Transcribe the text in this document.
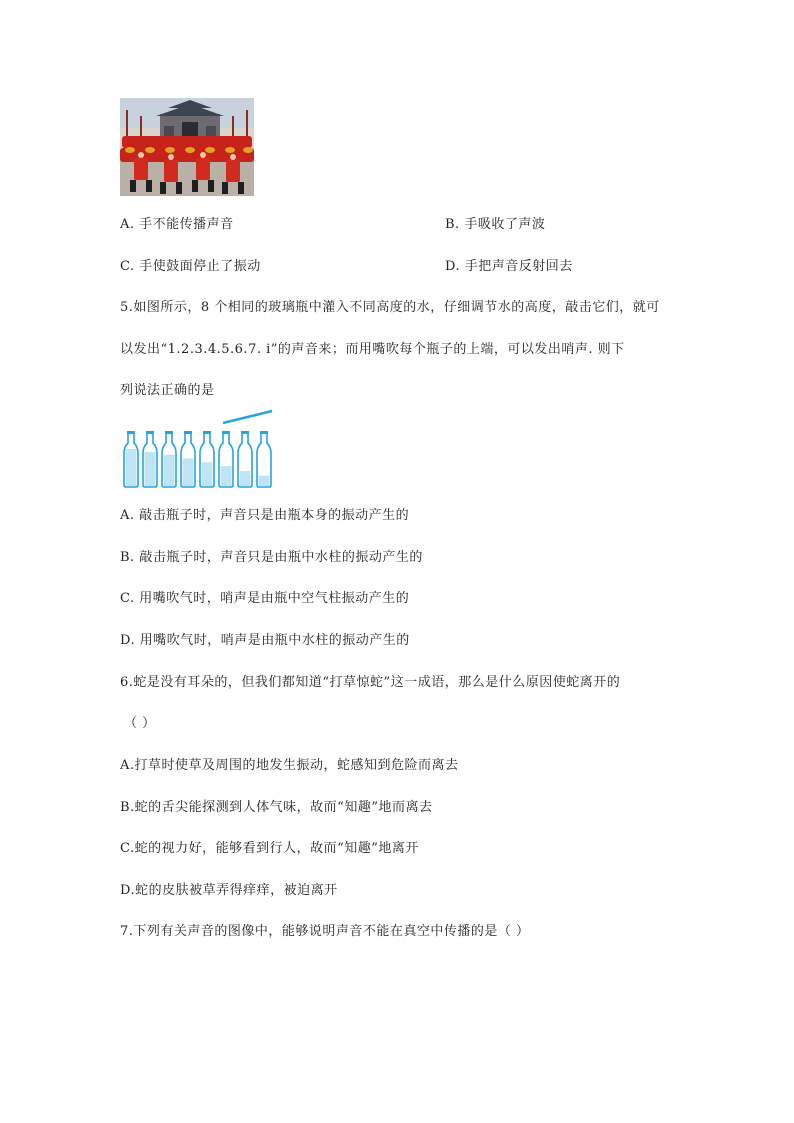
A. 手不能传播声音	B. 手吸收了声波
C. 手使鼓面停止了振动	D. 手把声音反射回去
5.如图所示，8 个相同的玻璃瓶中灌入不同高度的水，仔细调节水的高度，敲击它们，就可
以发出“1.2.3.4.5.6.7. i”的声音来；而用嘴吹每个瓶子的上端，可以发出哨声. 则下
列说法正确的是
A. 敲击瓶子时，声音只是由瓶本身的振动产生的
B. 敲击瓶子时，声音只是由瓶中水柱的振动产生的
C. 用嘴吹气时，哨声是由瓶中空气柱振动产生的
D. 用嘴吹气时，哨声是由瓶中水柱的振动产生的
6.蛇是没有耳朵的，但我们都知道“打草惊蛇”这一成语，那么是什么原因使蛇离开的
（ ）
A.打草时使草及周围的地发生振动，蛇感知到危险而离去
B.蛇的舌尖能探测到人体气味，故而“知趣”地而离去
C.蛇的视力好，能够看到行人，故而“知趣”地离开
D.蛇的皮肤被草弄得痒痒，被迫离开
7.下列有关声音的图像中，能够说明声音不能在真空中传播的是（ ）
